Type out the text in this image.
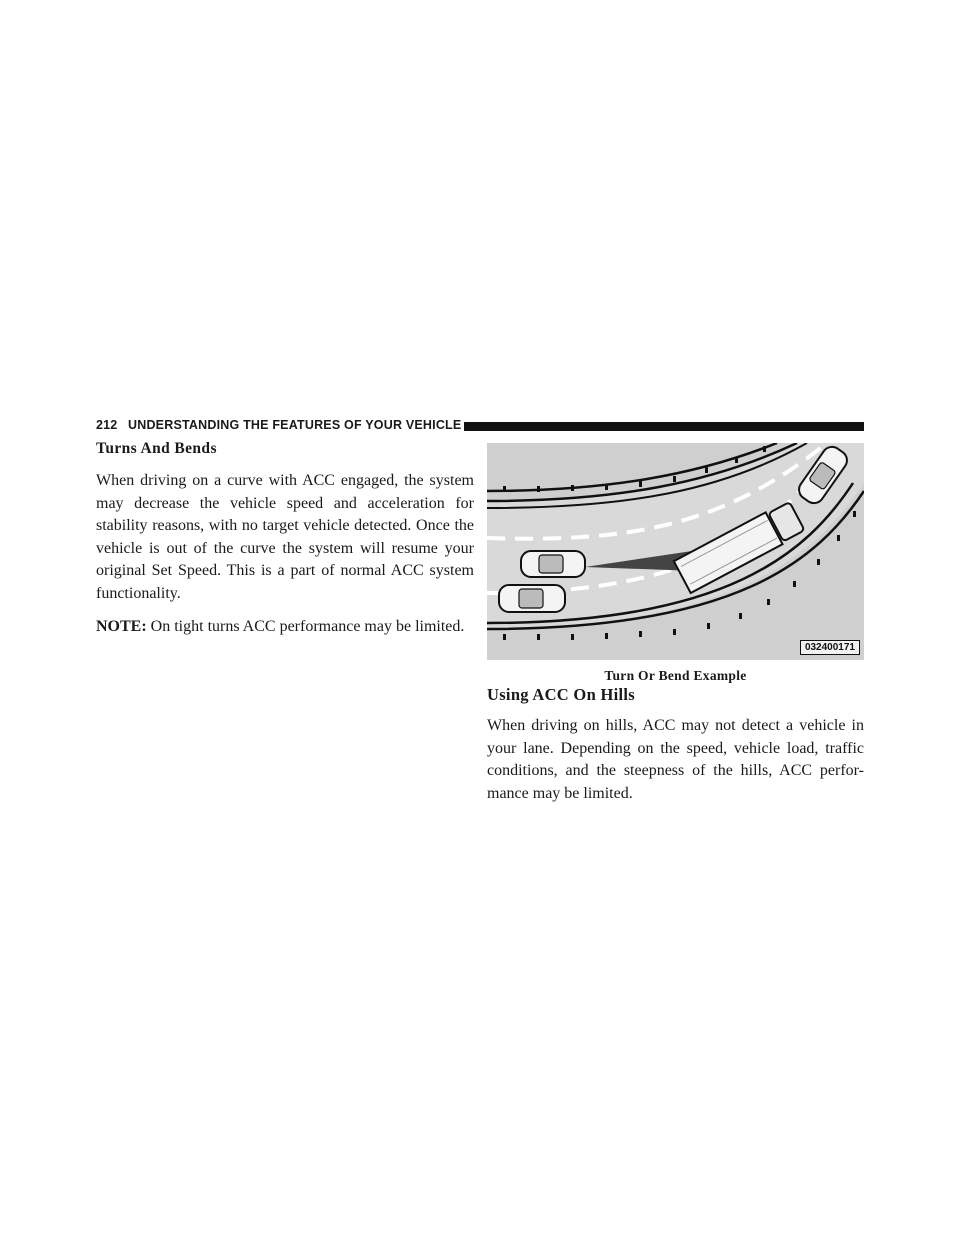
212 UNDERSTANDING THE FEATURES OF YOUR VEHICLE
Turns And Bends

When driving on a curve with ACC engaged, the system may decrease the vehicle speed and acceleration for stability reasons, with no target vehicle detected. Once the vehicle is out of the curve the system will resume your original Set Speed. This is a part of normal ACC system functionality.

NOTE: On tight turns ACC performance may be limited.

032400171
Turn Or Bend Example
Using ACC On Hills

When driving on hills, ACC may not detect a vehicle in your lane. Depending on the speed, vehicle load, traffic conditions, and the steepness of the hills, ACC perfor-mance may be limited.
